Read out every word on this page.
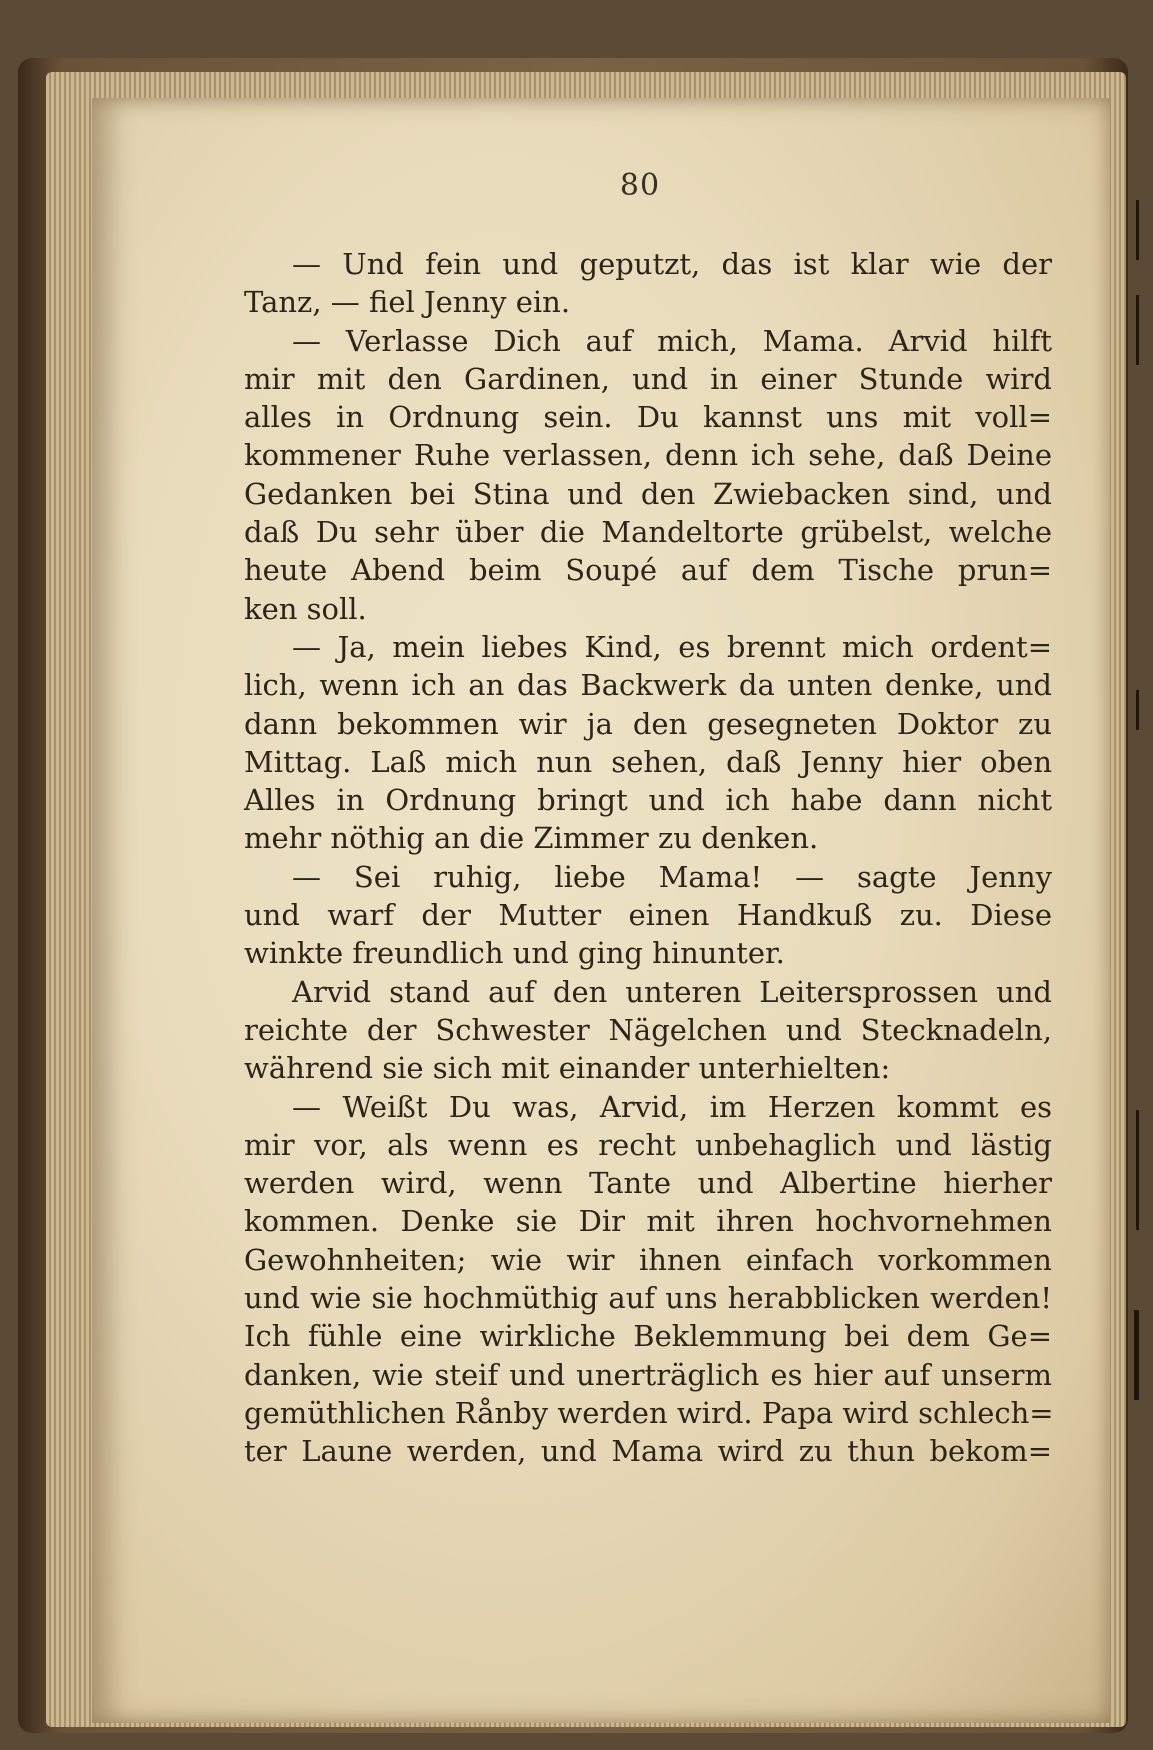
80
— Und fein und geputzt, das ist klar wie der
Tanz, — fiel Jenny ein.
— Verlasse Dich auf mich, Mama. Arvid hilft
mir mit den Gardinen, und in einer Stunde wird
alles in Ordnung sein. Du kannst uns mit voll=
kommener Ruhe verlassen, denn ich sehe, daß Deine
Gedanken bei Stina und den Zwiebacken sind, und
daß Du sehr über die Mandeltorte grübelst, welche
heute Abend beim Soupé auf dem Tische prun=
ken soll.
— Ja, mein liebes Kind, es brennt mich ordent=
lich, wenn ich an das Backwerk da unten denke, und
dann bekommen wir ja den gesegneten Doktor zu
Mittag. Laß mich nun sehen, daß Jenny hier oben
Alles in Ordnung bringt und ich habe dann nicht
mehr nöthig an die Zimmer zu denken.
— Sei ruhig, liebe Mama! — sagte Jenny
und warf der Mutter einen Handkuß zu. Diese
winkte freundlich und ging hinunter.
Arvid stand auf den unteren Leitersprossen und
reichte der Schwester Nägelchen und Stecknadeln,
während sie sich mit einander unterhielten:
— Weißt Du was, Arvid, im Herzen kommt es
mir vor, als wenn es recht unbehaglich und lästig
werden wird, wenn Tante und Albertine hierher
kommen. Denke sie Dir mit ihren hochvornehmen
Gewohnheiten; wie wir ihnen einfach vorkommen
und wie sie hochmüthig auf uns herabblicken werden!
Ich fühle eine wirkliche Beklemmung bei dem Ge=
danken, wie steif und unerträglich es hier auf unserm
gemüthlichen Rånby werden wird. Papa wird schlech=
ter Laune werden, und Mama wird zu thun bekom=
